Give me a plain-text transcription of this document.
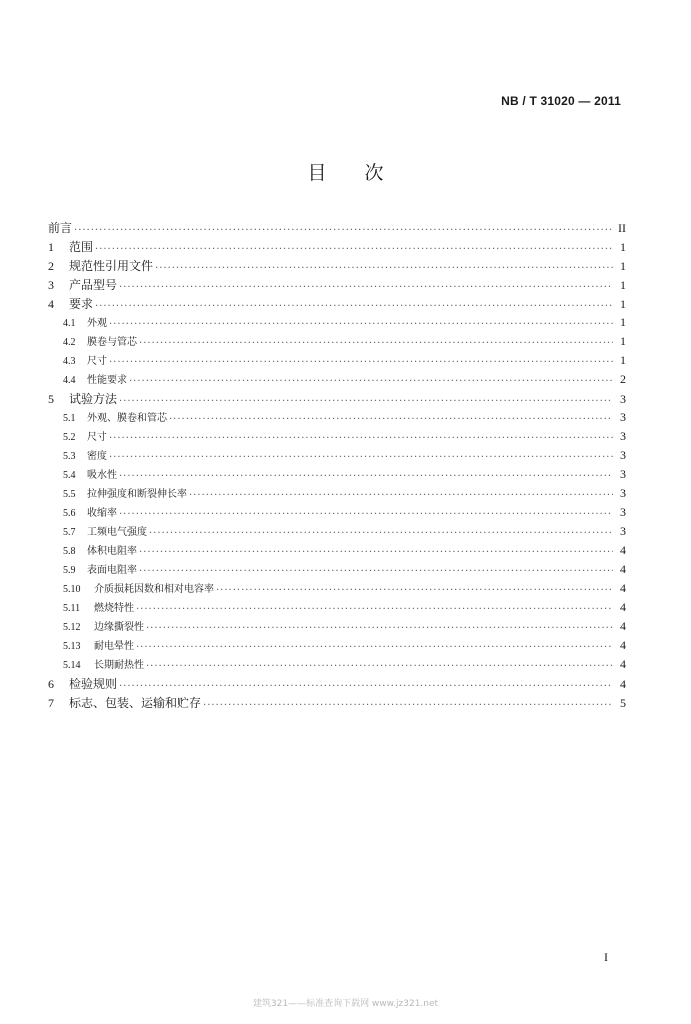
NB / T 31020 — 2011
目次
前言 .....	II
1	范围 .....	1
2	规范性引用文件 .....	1
3	产品型号 .....	1
4	要求 .....	1
4.1	外观 .....	1
4.2	膜卷与管芯 .....	1
4.3	尺寸 .....	1
4.4	性能要求 .....	2
5	试验方法 .....	3
5.1	外观、膜卷和管芯 .....	3
5.2	尺寸 .....	3
5.3	密度 .....	3
5.4	吸水性 .....	3
5.5	拉伸强度和断裂伸长率 .....	3
5.6	收缩率 .....	3
5.7	工频电气强度 .....	3
5.8	体积电阻率 .....	4
5.9	表面电阻率 .....	4
5.10	介质损耗因数和相对电容率 .....	4
5.11	燃烧特性 .....	4
5.12	边缘撕裂性 .....	4
5.13	耐电晕性 .....	4
5.14	长期耐热性 .....	4
6	检验规则 .....	4
7	标志、包装、运输和贮存 .....	5
I
建筑321——标准查询下载网 www.jz321.net
